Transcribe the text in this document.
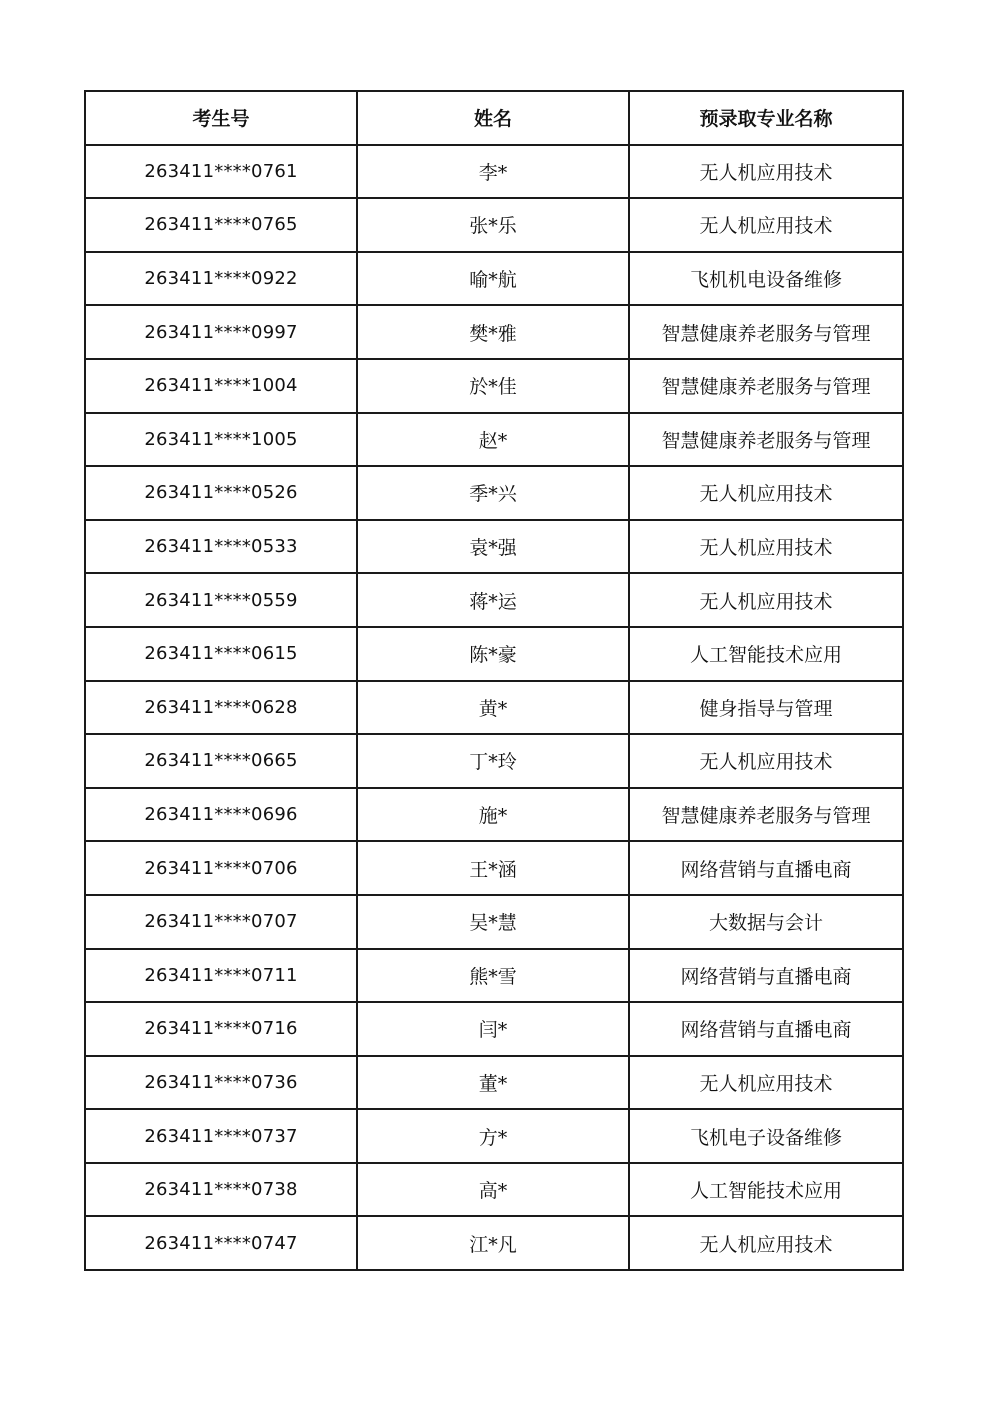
考生号	姓名	预录取专业名称
263411****0761	李*	无人机应用技术
263411****0765	张*乐	无人机应用技术
263411****0922	喻*航	飞机机电设备维修
263411****0997	樊*雅	智慧健康养老服务与管理
263411****1004	於*佳	智慧健康养老服务与管理
263411****1005	赵*	智慧健康养老服务与管理
263411****0526	季*兴	无人机应用技术
263411****0533	袁*强	无人机应用技术
263411****0559	蒋*运	无人机应用技术
263411****0615	陈*豪	人工智能技术应用
263411****0628	黄*	健身指导与管理
263411****0665	丁*玲	无人机应用技术
263411****0696	施*	智慧健康养老服务与管理
263411****0706	王*涵	网络营销与直播电商
263411****0707	吴*慧	大数据与会计
263411****0711	熊*雪	网络营销与直播电商
263411****0716	闫*	网络营销与直播电商
263411****0736	董*	无人机应用技术
263411****0737	方*	飞机电子设备维修
263411****0738	高*	人工智能技术应用
263411****0747	江*凡	无人机应用技术
